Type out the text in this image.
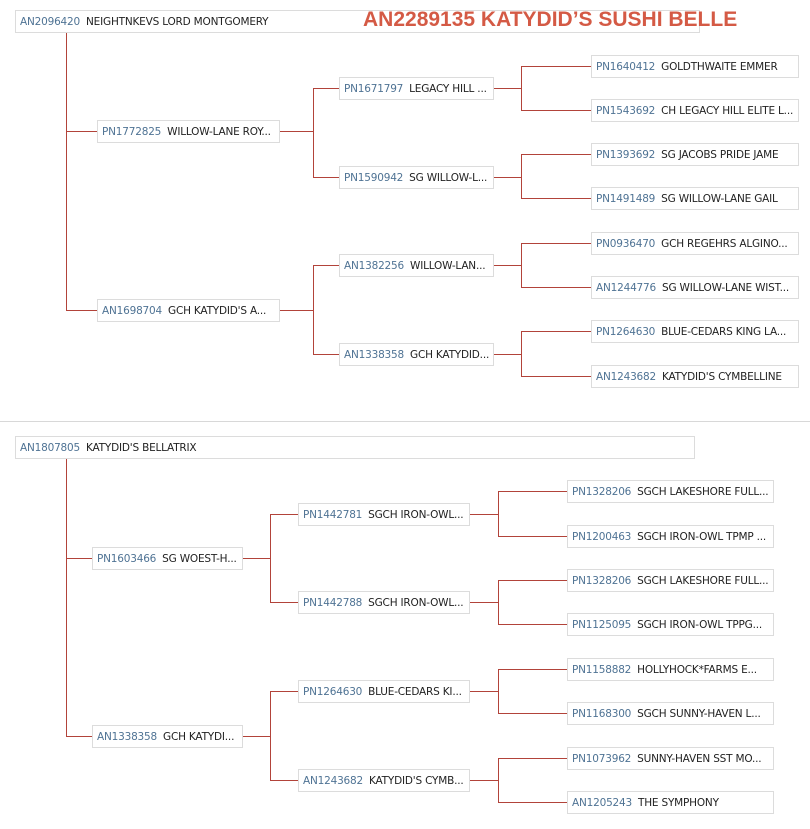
AN2096420 NEIGHTNKEVS LORD MONTGOMERY
PN1772825 WILLOW-LANE ROY...
AN1698704 GCH KATYDID'S A...
PN1671797 LEGACY HILL ...
PN1590942 SG WILLOW-L...
AN1382256 WILLOW-LAN...
AN1338358 GCH KATYDID...
PN1640412 GOLDTHWAITE EMMER
PN1543692 CH LEGACY HILL ELITE L...
PN1393692 SG JACOBS PRIDE JAME
PN1491489 SG WILLOW-LANE GAIL
PN0936470 GCH REGEHRS ALGINO...
AN1244776 SG WILLOW-LANE WIST...
PN1264630 BLUE-CEDARS KING LA...
AN1243682 KATYDID'S CYMBELLINE
AN1807805 KATYDID'S BELLATRIX
PN1603466 SG WOEST-H...
AN1338358 GCH KATYDI...
PN1442781 SGCH IRON-OWL...
PN1442788 SGCH IRON-OWL...
PN1264630 BLUE-CEDARS KI...
AN1243682 KATYDID'S CYMB...
PN1328206 SGCH LAKESHORE FULL...
PN1200463 SGCH IRON-OWL TPMP ...
PN1328206 SGCH LAKESHORE FULL...
PN1125095 SGCH IRON-OWL TPPG...
PN1158882 HOLLYHOCK*FARMS E...
PN1168300 SGCH SUNNY-HAVEN L...
PN1073962 SUNNY-HAVEN SST MO...
AN1205243 THE SYMPHONY
AN2289135 KATYDID’S SUSHI BELLE
